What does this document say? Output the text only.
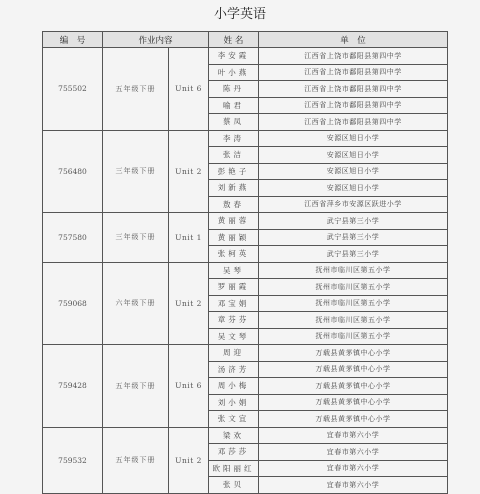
小学英语
编　号	作业内容		姓 名	单　位
755502	五年级下册	Unit 6	李安霞	江西省上饶市鄱阳县第四中学
			叶小燕	江西省上饶市鄱阳县第四中学
			陈丹	江西省上饶市鄱阳县第四中学
			喻君	江西省上饶市鄱阳县第四中学
			蔡凤	江西省上饶市鄱阳县第四中学
756480	三年级下册	Unit 2	李涛	安源区旭日小学
			张洁	安源区旭日小学
			彭艳子	安源区旭日小学
			刘新燕	安源区旭日小学
			敖春	江西省萍乡市安源区跃进小学
757580	三年级下册	Unit 1	黄丽蓉	武宁县第三小学
			黄丽颖	武宁县第三小学
			张柯英	武宁县第三小学
759068	六年级下册	Unit 2	吴琴	抚州市临川区第五小学
			罗丽霞	抚州市临川区第五小学
			邓宝娟	抚州市临川区第五小学
			章芬芬	抚州市临川区第五小学
			吴文琴	抚州市临川区第五小学
759428	五年级下册	Unit 6	周迎	万载县黄茅镇中心小学
			汤济芳	万载县黄茅镇中心小学
			周小梅	万载县黄茅镇中心小学
			刘小娟	万载县黄茅镇中心小学
			张文宜	万载县黄茅镇中心小学
759532	五年级下册	Unit 2	梁欢	宜春市第六小学
			邓莎莎	宜春市第六小学
			欧阳丽红	宜春市第六小学
			张贝	宜春市第六小学
